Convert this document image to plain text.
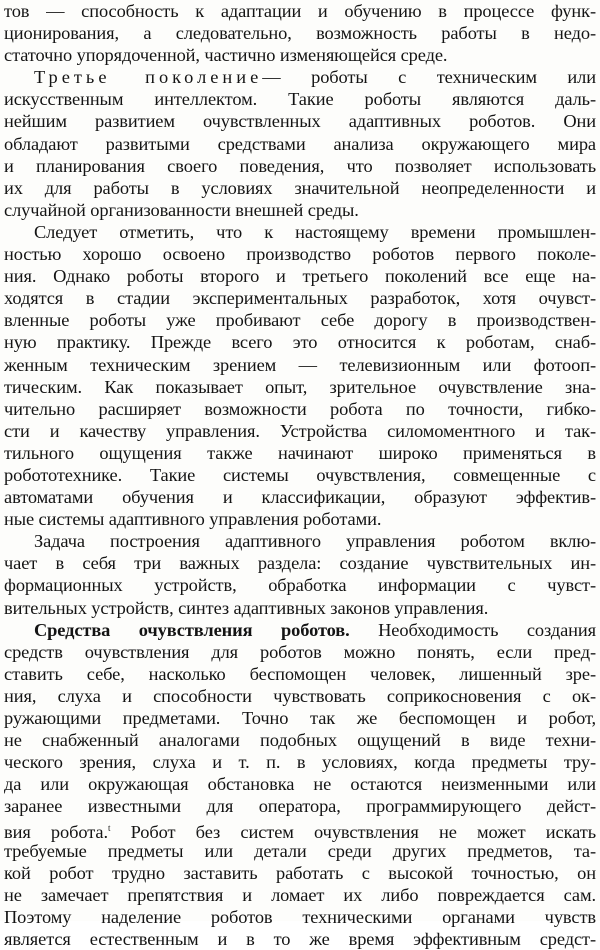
тов — способность к адаптации и обучению в процессе функ-
ционирования, а следовательно, возможность работы в недо-
статочно упорядоченной, частично изменяющейся среде.
Третье поколение— роботы с техническим или
искусственным интеллектом. Такие роботы являются даль-
нейшим развитием очувствленных адаптивных роботов. Они
обладают развитыми средствами анализа окружающего мира
и планирования своего поведения, что позволяет использовать
их для работы в условиях значительной неопределенности и
случайной организованности внешней среды.
Следует отметить, что к настоящему времени промышлен-
ностью хорошо освоено производство роботов первого поколе-
ния. Однако роботы второго и третьего поколений все еще на-
ходятся в стадии экспериментальных разработок, хотя очувст-
вленные роботы уже пробивают себе дорогу в производствен-
ную практику. Прежде всего это относится к роботам, снаб-
женным техническим зрением — телевизионным или фотооп-
тическим. Как показывает опыт, зрительное очувствление зна-
чительно расширяет возможности робота по точности, гибко-
сти и качеству управления. Устройства силомоментного и так-
тильного ощущения также начинают широко применяться в
робототехнике. Такие системы очувствления, совмещенные с
автоматами обучения и классификации, образуют эффектив-
ные системы адаптивного управления роботами.
Задача построения адаптивного управления роботом вклю-
чает в себя три важных раздела: создание чувствительных ин-
формационных устройств, обработка информации с чувст-
вительных устройств, синтез адаптивных законов управления.
Средства очувствления роботов. Необходимость создания
средств очувствления для роботов можно понять, если пред-
ставить себе, насколько беспомощен человек, лишенный зре-
ния, слуха и способности чувствовать соприкосновения с ок-
ружающими предметами. Точно так же беспомощен и робот,
не снабженный аналогами подобных ощущений в виде техни-
ческого зрения, слуха и т. п. в условиях, когда предметы тру-
да или окружающая обстановка не остаются неизменными или
заранее известными для оператора, программирующего дейст-
вия робота.$^t$ Робот без систем очувствления не может искать
требуемые предметы или детали среди других предметов, та-
кой робот трудно заставить работать с высокой точностью, он
не замечает препятствия и ломает их либо повреждается сам.
Поэтому наделение роботов техническими органами чувств
является естественным и в то же время эффективным средст-
